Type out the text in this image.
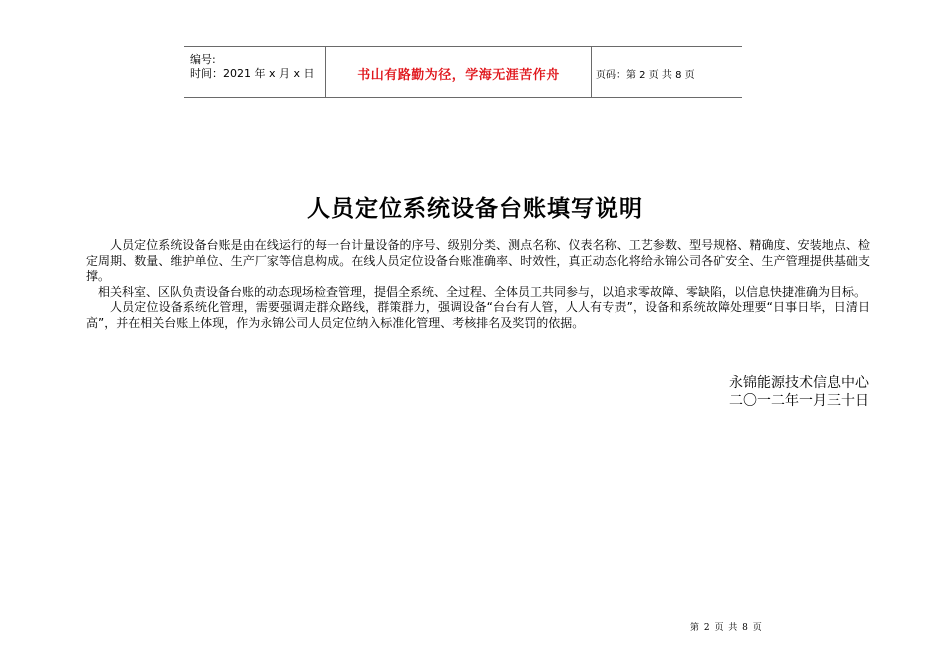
编号:
时间：2021 年 x 月 x 日	书山有路勤为径，学海无涯苦作舟	页码：第 2 页 共 8 页
人员定位系统设备台账填写说明

人员定位系统设备台账是由在线运行的每一台计量设备的序号、级别分类、测点名称、仪表名称、工艺参数、型号规格、精确度、安装地点、检定周期、数量、维护单位、生产厂家等信息构成。在线人员定位设备台账准确率、时效性，真正动态化将给永锦公司各矿安全、生产管理提供基础支撑。

相关科室、区队负责设备台账的动态现场检查管理，提倡全系统、全过程、全体员工共同参与，以追求零故障、零缺陷，以信息快捷准确为目标。

人员定位设备系统化管理，需要强调走群众路线，群策群力，强调设备“台台有人管，人人有专责”，设备和系统故障处理要“日事日毕，日清日高”，并在相关台账上体现，作为永锦公司人员定位纳入标准化管理、考核排名及奖罚的依据。

永锦能源技术信息中心
二〇一二年一月三十日
第 2 页 共 8 页
